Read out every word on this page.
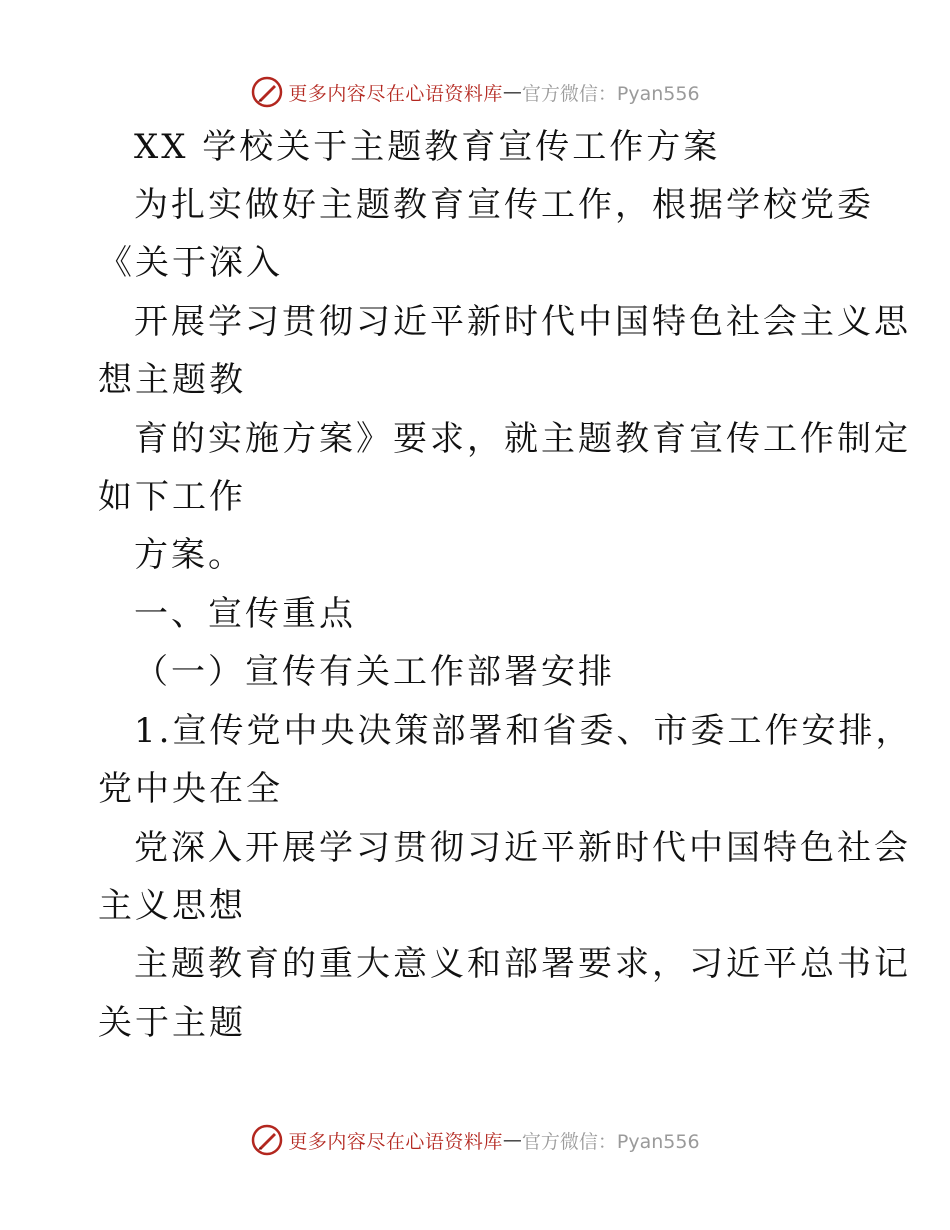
更多内容尽在心语资料库 — 官方微信：Pyan556
XX 学校关于主题教育宣传工作方案
为扎实做好主题教育宣传工作，根据学校党委
《关于深入
开展学习贯彻习近平新时代中国特色社会主义思
想主题教
育的实施方案》要求，就主题教育宣传工作制定
如下工作
方案。
一、宣传重点
（一）宣传有关工作部署安排
1.宣传党中央决策部署和省委、市委工作安排，
党中央在全
党深入开展学习贯彻习近平新时代中国特色社会
主义思想
主题教育的重大意义和部署要求，习近平总书记
关于主题
更多内容尽在心语资料库 — 官方微信：Pyan556
